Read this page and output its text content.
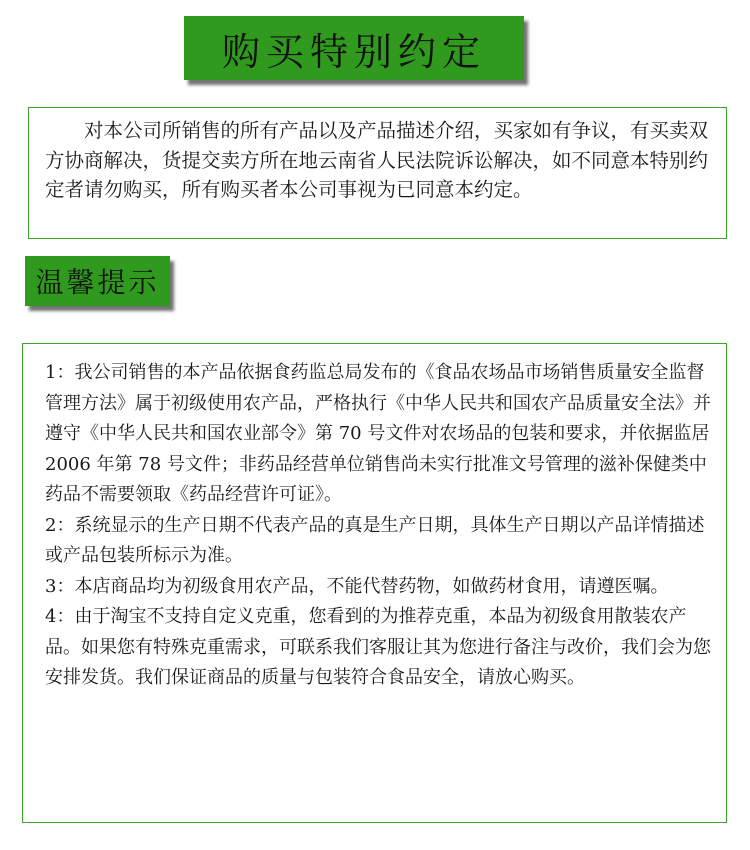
购买特别约定

对本公司所销售的所有产品以及产品描述介绍，买家如有争议，有买卖双方协商解决，货提交卖方所在地云南省人民法院诉讼解决，如不同意本特别约定者请勿购买，所有购买者本公司事视为已同意本约定。

温馨提示

1：我公司销售的本产品依据食药监总局发布的《食品农场品市场销售质量安全监督管理方法》属于初级使用农产品，严格执行《中华人民共和国农产品质量安全法》并遵守《中华人民共和国农业部令》第 70 号文件对农场品的包装和要求，并依据监居 2006 年第 78 号文件；非药品经营单位销售尚未实行批准文号管理的滋补保健类中药品不需要领取《药品经营许可证》。

2：系统显示的生产日期不代表产品的真是生产日期，具体生产日期以产品详情描述或产品包装所标示为准。

3：本店商品均为初级食用农产品，不能代替药物，如做药材食用，请遵医嘱。

4：由于淘宝不支持自定义克重，您看到的为推荐克重，本品为初级食用散装农产品。如果您有特殊克重需求，可联系我们客服让其为您进行备注与改价，我们会为您安排发货。我们保证商品的质量与包装符合食品安全，请放心购买。
